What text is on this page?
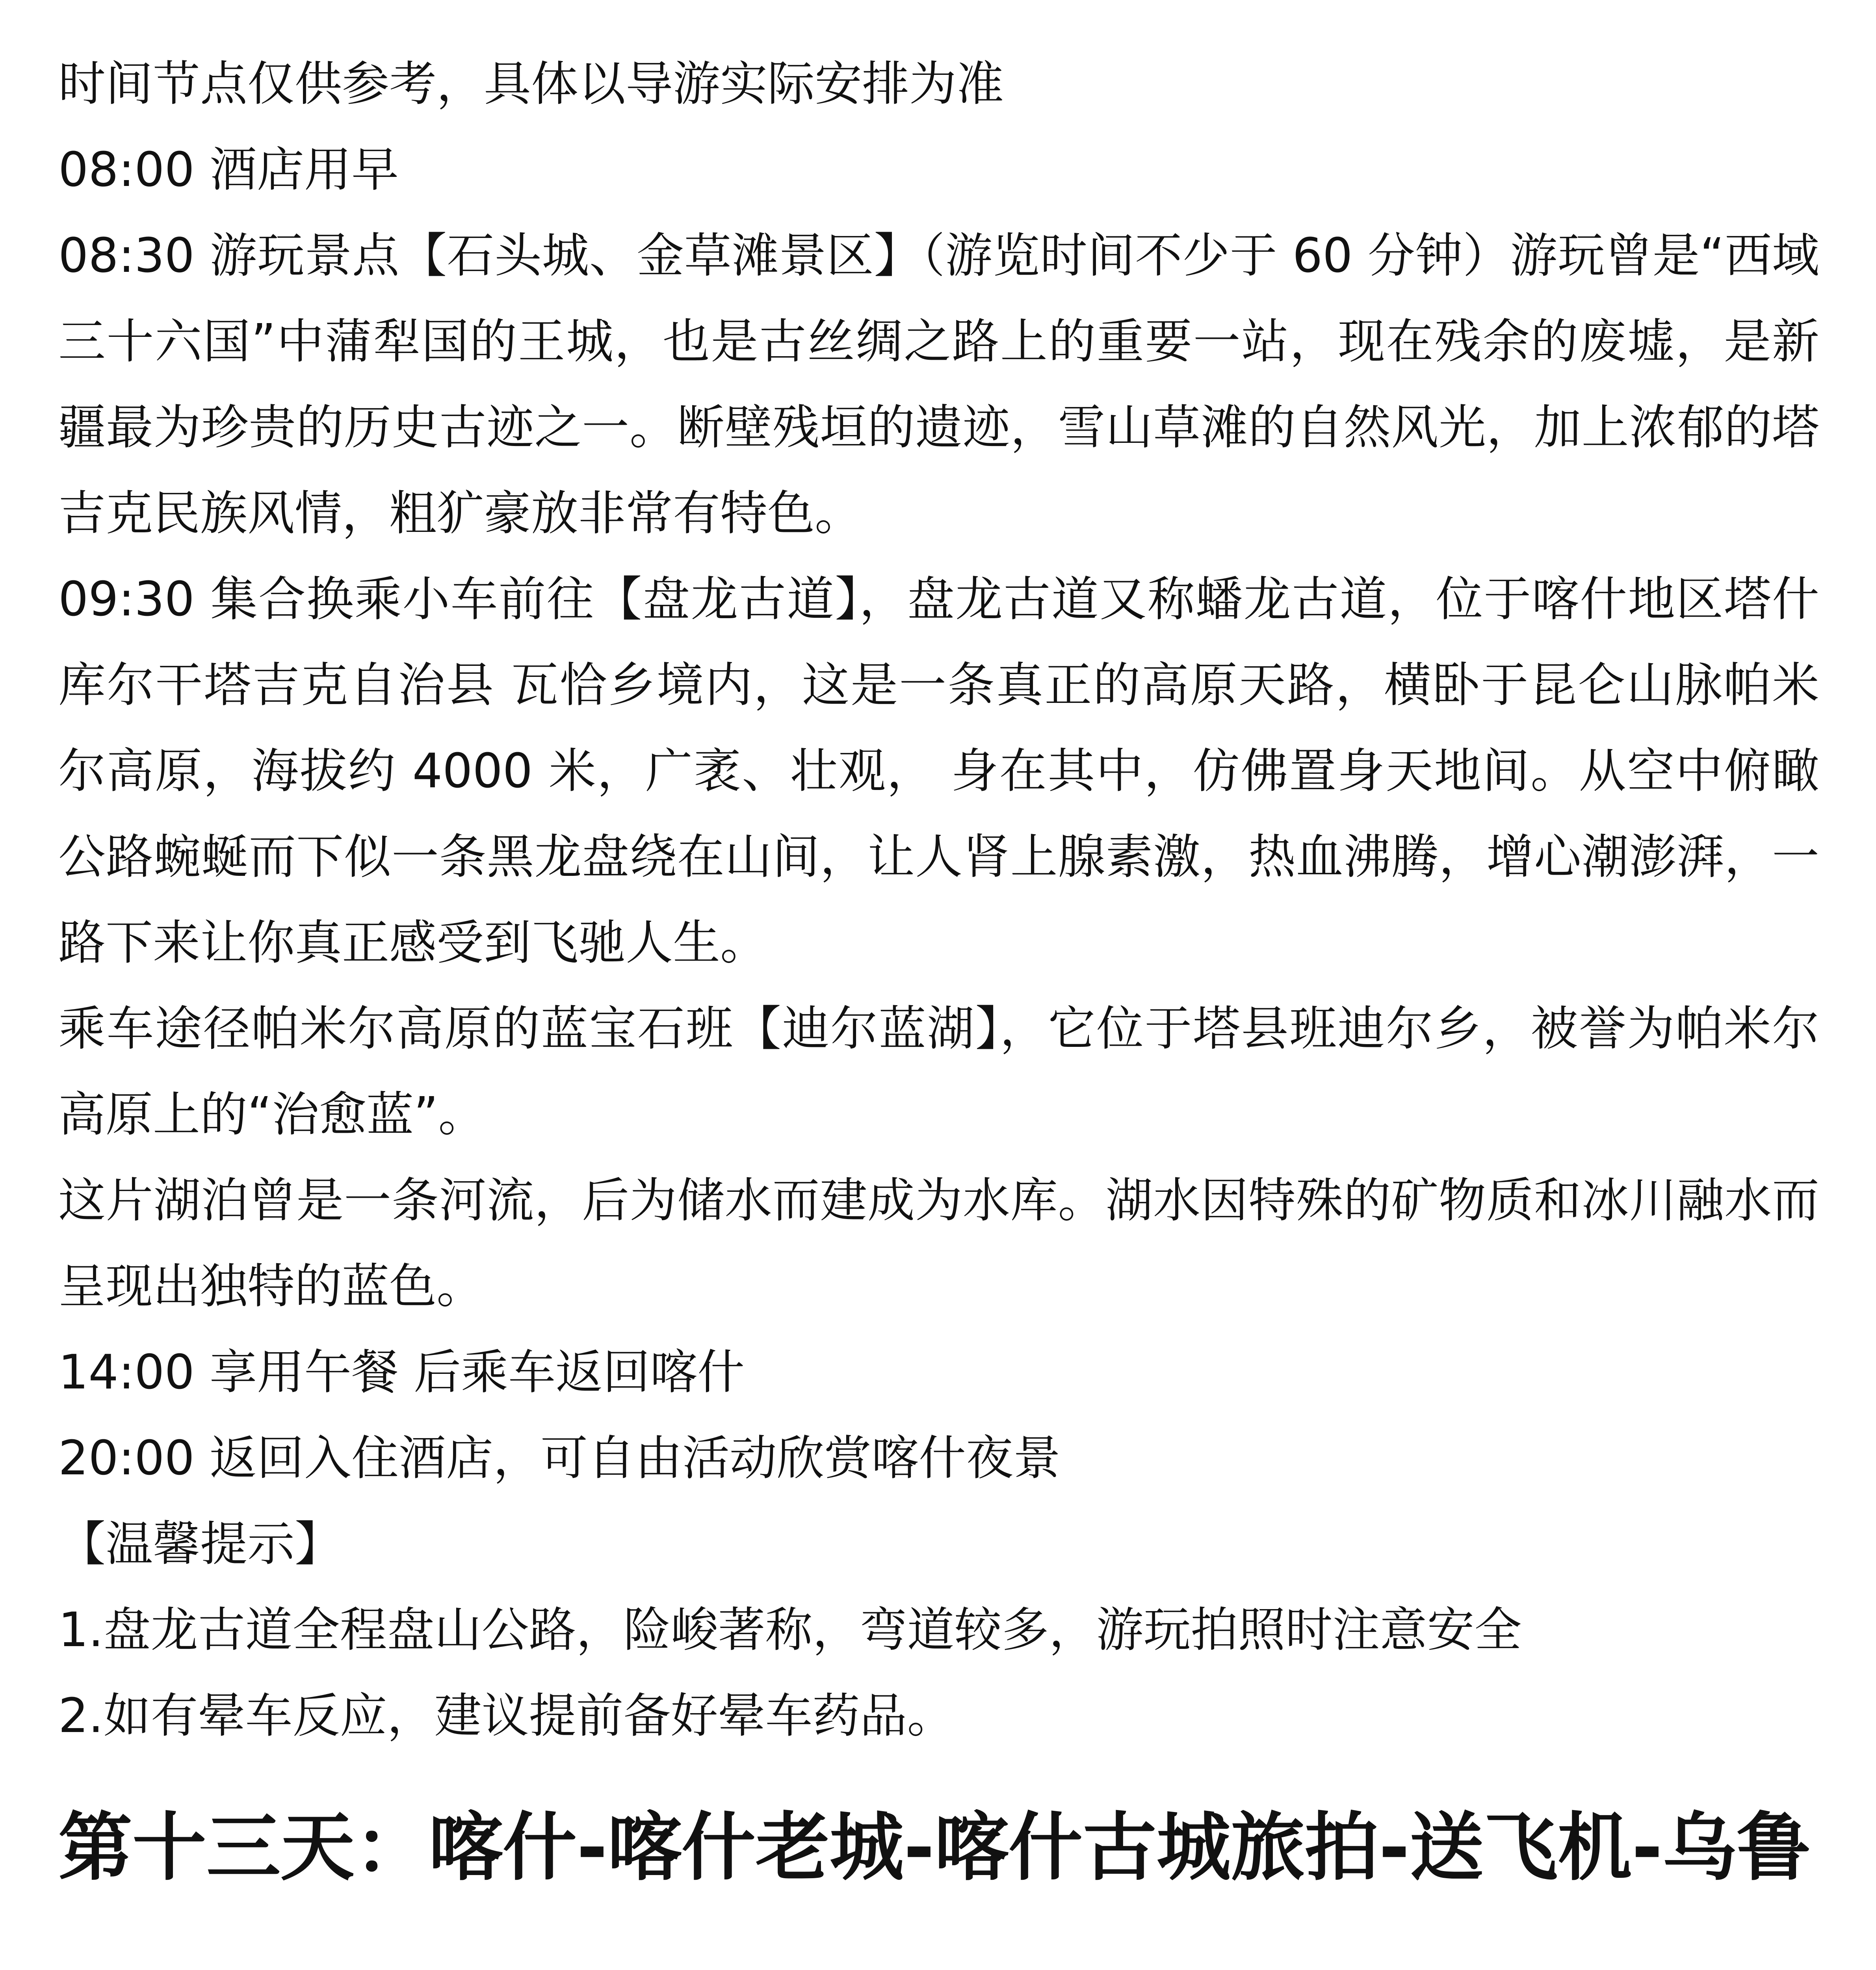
时间节点仅供参考，具体以导游实际安排为准
08:00 酒店用早
08:30 游玩景点【石头城、金草滩景区】（游览时间不少于 60 分钟）游玩曾是“西域三十六国”中蒲犁国的王城，也是古丝绸之路上的重要一站，现在残余的废墟，是新疆最为珍贵的历史古迹之一。断壁残垣的遗迹，雪山草滩的自然风光，加上浓郁的塔吉克民族风情，粗犷豪放非常有特色。
09:30 集合换乘小车前往【盘龙古道】，盘龙古道又称蟠龙古道，位于喀什地区塔什库尔干塔吉克自治县 瓦恰乡境内，这是一条真正的高原天路，横卧于昆仑山脉帕米尔高原，海拔约 4000 米，广袤、壮观， 身在其中，仿佛置身天地间。从空中俯瞰公路蜿蜒而下似一条黑龙盘绕在山间，让人肾上腺素激，热血沸腾，增心潮澎湃，一路下来让你真正感受到飞驰人生。
乘车途径帕米尔高原的蓝宝石班【迪尔蓝湖】，它位于塔县班迪尔乡，被誉为帕米尔高原上的“治愈蓝”。
这片湖泊曾是一条河流，后为储水而建成为水库。湖水因特殊的矿物质和冰川融水而呈现出独特的蓝色。
14:00 享用午餐 后乘车返回喀什
20:00 返回入住酒店，可自由活动欣赏喀什夜景
【温馨提示】
1.盘龙古道全程盘山公路，险峻著称，弯道较多，游玩拍照时注意安全
2.如有晕车反应，建议提前备好晕车药品。
第十三天：喀什-喀什老城-喀什古城旅拍-送飞机-乌鲁
